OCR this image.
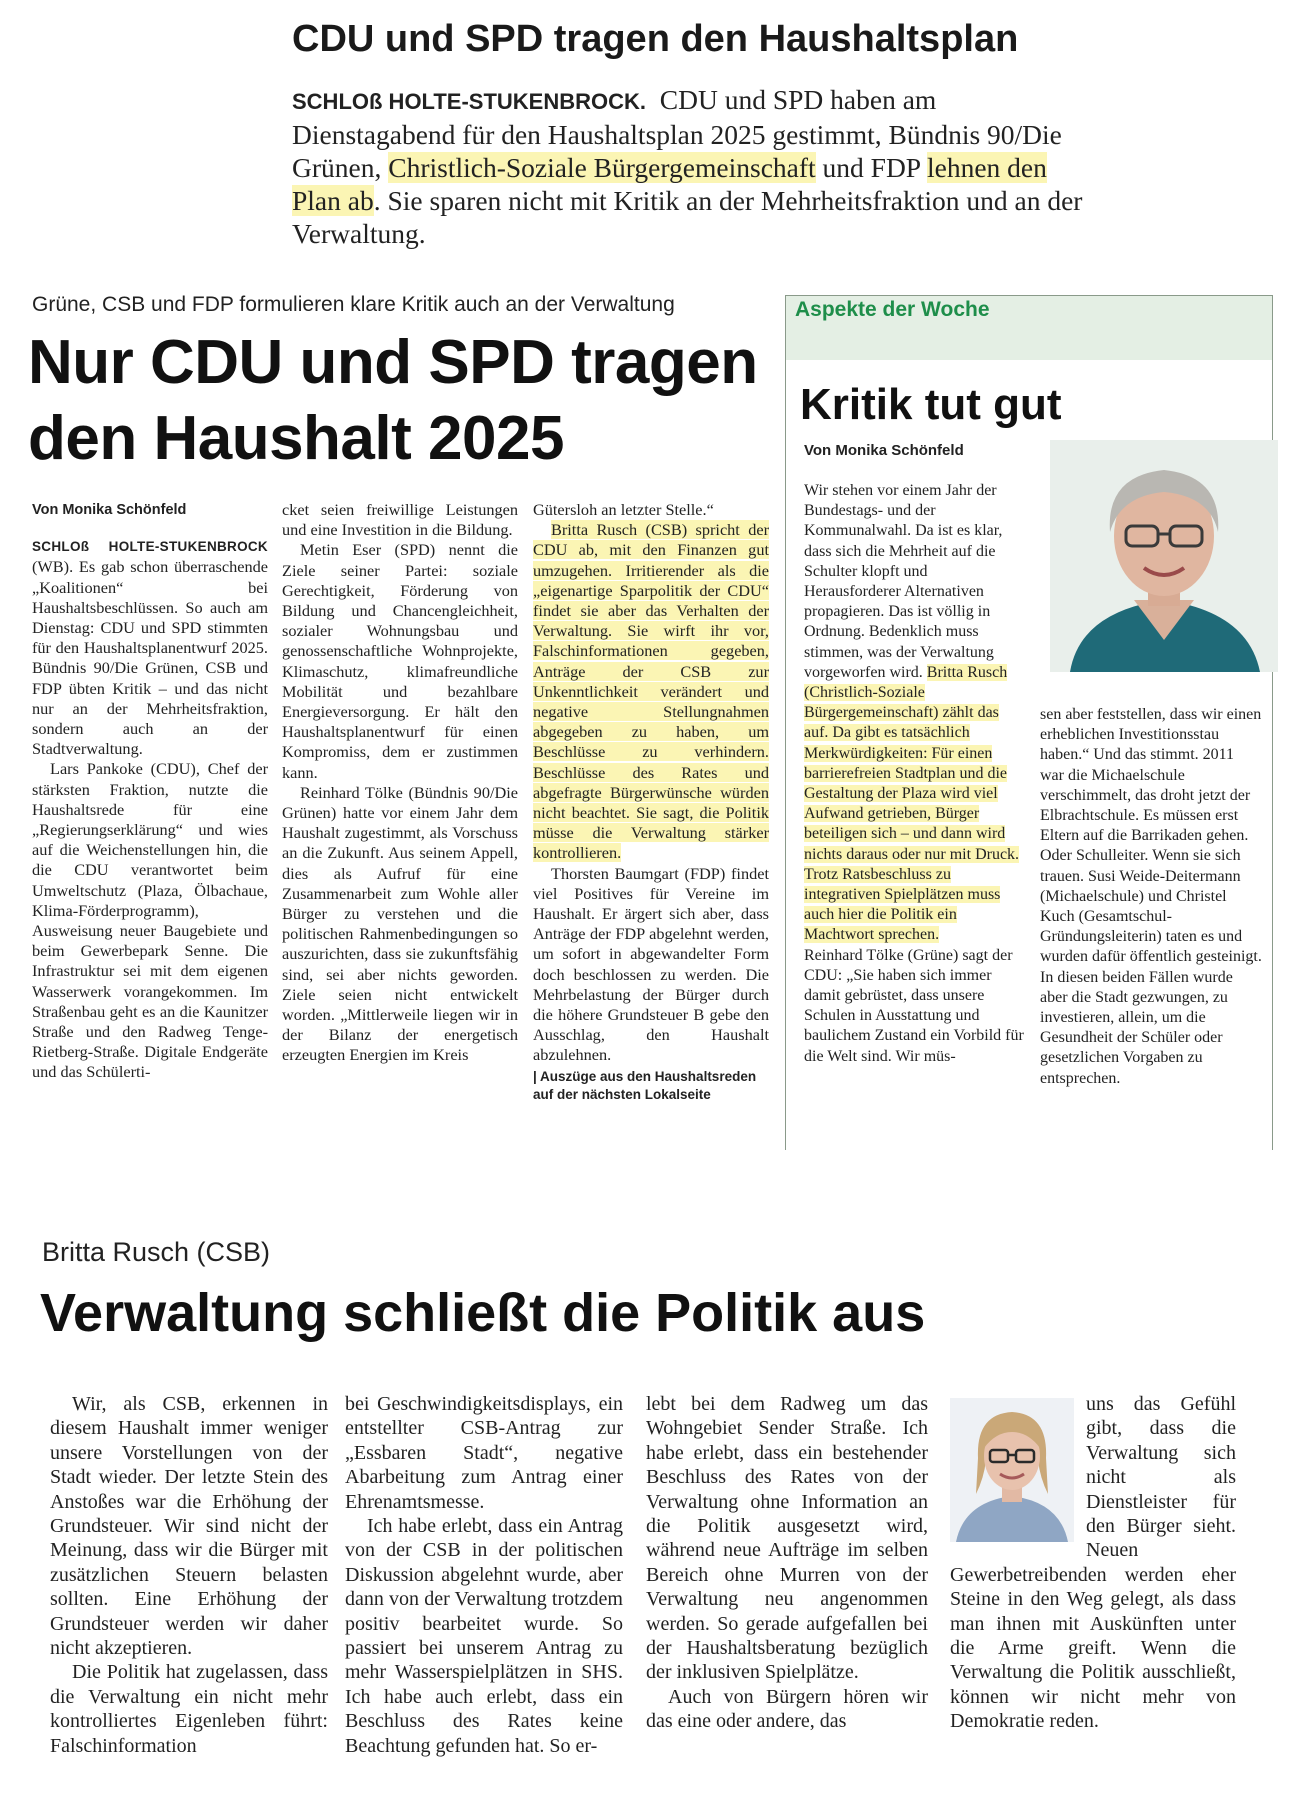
CDU und SPD tragen den Haushaltsplan

SCHLOß HOLTE-STUKENBROCK. CDU und SPD haben am Dienstagabend für den Haushaltsplan 2025 gestimmt, Bündnis 90/Die Grünen, Christlich-Soziale Bürgergemeinschaft und FDP lehnen den Plan ab. Sie sparen nicht mit Kritik an der Mehrheitsfraktion und an der Verwaltung.

Grüne, CSB und FDP formulieren klare Kritik auch an der Verwaltung
Nur CDU und SPD tragen den Haushalt 2025

Von Monika Schönfeld

SCHLOß HOLTE-STUKENBROCK (WB). Es gab schon überraschende „Koalitionen“ bei Haushaltsbeschlüssen. So auch am Dienstag: CDU und SPD stimmten für den Haushaltsplanentwurf 2025. Bündnis 90/Die Grünen, CSB und FDP übten Kritik – und das nicht nur an der Mehrheitsfraktion, sondern auch an der Stadtverwaltung.

Lars Pankoke (CDU), Chef der stärksten Fraktion, nutzte die Haushaltsrede für eine „Regierungserklärung“ und wies auf die Weichenstellungen hin, die die CDU verantwortet beim Umweltschutz (Plaza, Ölbachaue, Klima-Förderprogramm), Ausweisung neuer Baugebiete und beim Gewerbepark Senne. Die Infrastruktur sei mit dem eigenen Wasserwerk vorangekommen. Im Straßenbau geht es an die Kaunitzer Straße und den Radweg Tenge-Rietberg-Straße. Digitale Endgeräte und das Schülerti-

cket seien freiwillige Leistungen und eine Investition in die Bildung.

Metin Eser (SPD) nennt die Ziele seiner Partei: soziale Gerechtigkeit, Förderung von Bildung und Chancengleichheit, sozialer Wohnungsbau und genossenschaftliche Wohnprojekte, Klimaschutz, klimafreundliche Mobilität und bezahlbare Energieversorgung. Er hält den Haushaltsplanentwurf für einen Kompromiss, dem er zustimmen kann.

Reinhard Tölke (Bündnis 90/Die Grünen) hatte vor einem Jahr dem Haushalt zugestimmt, als Vorschuss an die Zukunft. Aus seinem Appell, dies als Aufruf für eine Zusammenarbeit zum Wohle aller Bürger zu verstehen und die politischen Rahmenbedingungen so auszurichten, dass sie zukunftsfähig sind, sei aber nichts geworden. Ziele seien nicht entwickelt worden. „Mittlerweile liegen wir in der Bilanz der energetisch erzeugten Energien im Kreis

Gütersloh an letzter Stelle.“

Britta Rusch (CSB) spricht der CDU ab, mit den Finanzen gut umzugehen. Irritierender als die „eigenartige Sparpolitik der CDU“ findet sie aber das Verhalten der Verwaltung. Sie wirft ihr vor, Falschinformationen gegeben, Anträge der CSB zur Unkenntlichkeit verändert und negative Stellungnahmen abgegeben zu haben, um Beschlüsse zu verhindern. Beschlüsse des Rates und abgefragte Bürgerwünsche würden nicht beachtet. Sie sagt, die Politik müsse die Verwaltung stärker kontrollieren.

Thorsten Baumgart (FDP) findet viel Positives für Vereine im Haushalt. Er ärgert sich aber, dass Anträge der FDP abgelehnt werden, um sofort in abgewandelter Form doch beschlossen zu werden. Die Mehrbelastung der Bürger durch die höhere Grundsteuer B gebe den Ausschlag, den Haushalt abzulehnen.

| Auszüge aus den Haushaltsreden auf der nächsten Lokalseite

Aspekte der Woche
Kritik tut gut
Von Monika Schönfeld

Wir stehen vor einem Jahr der Bundestags- und der Kommunalwahl. Da ist es klar, dass sich die Mehrheit auf die Schulter klopft und Herausforderer Alternativen propagieren. Das ist völlig in Ordnung. Bedenklich muss stimmen, was der Verwaltung vorgeworfen wird. Britta Rusch (Christlich-Soziale Bürgergemeinschaft) zählt das auf. Da gibt es tatsächlich Merkwürdigkeiten: Für einen barrierefreien Stadtplan und die Gestaltung der Plaza wird viel Aufwand getrieben, Bürger beteiligen sich – und dann wird nichts daraus oder nur mit Druck. Trotz Ratsbeschluss zu integrativen Spielplätzen muss auch hier die Politik ein Machtwort sprechen.

Reinhard Tölke (Grüne) sagt der CDU: „Sie haben sich immer damit gebrüstet, dass unsere Schulen in Ausstattung und baulichem Zustand ein Vorbild für die Welt sind. Wir müs-

sen aber feststellen, dass wir einen erheblichen Investitionsstau haben.“ Und das stimmt. 2011 war die Michaelschule verschimmelt, das droht jetzt der Elbrachtschule. Es müssen erst Eltern auf die Barrikaden gehen. Oder Schulleiter. Wenn sie sich trauen. Susi Weide-Deitermann (Michaelschule) und Christel Kuch (Gesamtschul-Gründungsleiterin) taten es und wurden dafür öffentlich gesteinigt. In diesen beiden Fällen wurde aber die Stadt gezwungen, zu investieren, allein, um die Gesundheit der Schüler oder gesetzlichen Vorgaben zu entsprechen.

Britta Rusch (CSB)
Verwaltung schließt die Politik aus

Wir, als CSB, erkennen in diesem Haushalt immer weniger unsere Vorstellungen von der Stadt wieder. Der letzte Stein des Anstoßes war die Erhöhung der Grundsteuer. Wir sind nicht der Meinung, dass wir die Bürger mit zusätzlichen Steuern belasten sollten. Eine Erhöhung der Grundsteuer werden wir daher nicht akzeptieren.

Die Politik hat zugelassen, dass die Verwaltung ein nicht mehr kontrolliertes Eigenleben führt: Falschinformation

bei Geschwindigkeitsdisplays, ein entstellter CSB-Antrag zur „Essbaren Stadt“, negative Abarbeitung zum Antrag einer Ehrenamtsmesse.

Ich habe erlebt, dass ein Antrag von der CSB in der politischen Diskussion abgelehnt wurde, aber dann von der Verwaltung trotzdem positiv bearbeitet wurde. So passiert bei unserem Antrag zu mehr Wasserspielplätzen in SHS. Ich habe auch erlebt, dass ein Beschluss des Rates keine Beachtung gefunden hat. So er-

lebt bei dem Radweg um das Wohngebiet Sender Straße. Ich habe erlebt, dass ein bestehender Beschluss des Rates von der Verwaltung ohne Information an die Politik ausgesetzt wird, während neue Aufträge im selben Bereich ohne Murren von der Verwaltung neu angenommen werden. So gerade aufgefallen bei der Haushaltsberatung bezüglich der inklusiven Spielplätze.

Auch von Bürgern hören wir das eine oder andere, das

uns das Gefühl gibt, dass die Verwaltung sich nicht als Dienstleister für den Bürger sieht. Neuen Gewerbetreibenden werden eher Steine in den Weg gelegt, als dass man ihnen mit Auskünften unter die Arme greift. Wenn die Verwaltung die Politik ausschließt, können wir nicht mehr von Demokratie reden.
